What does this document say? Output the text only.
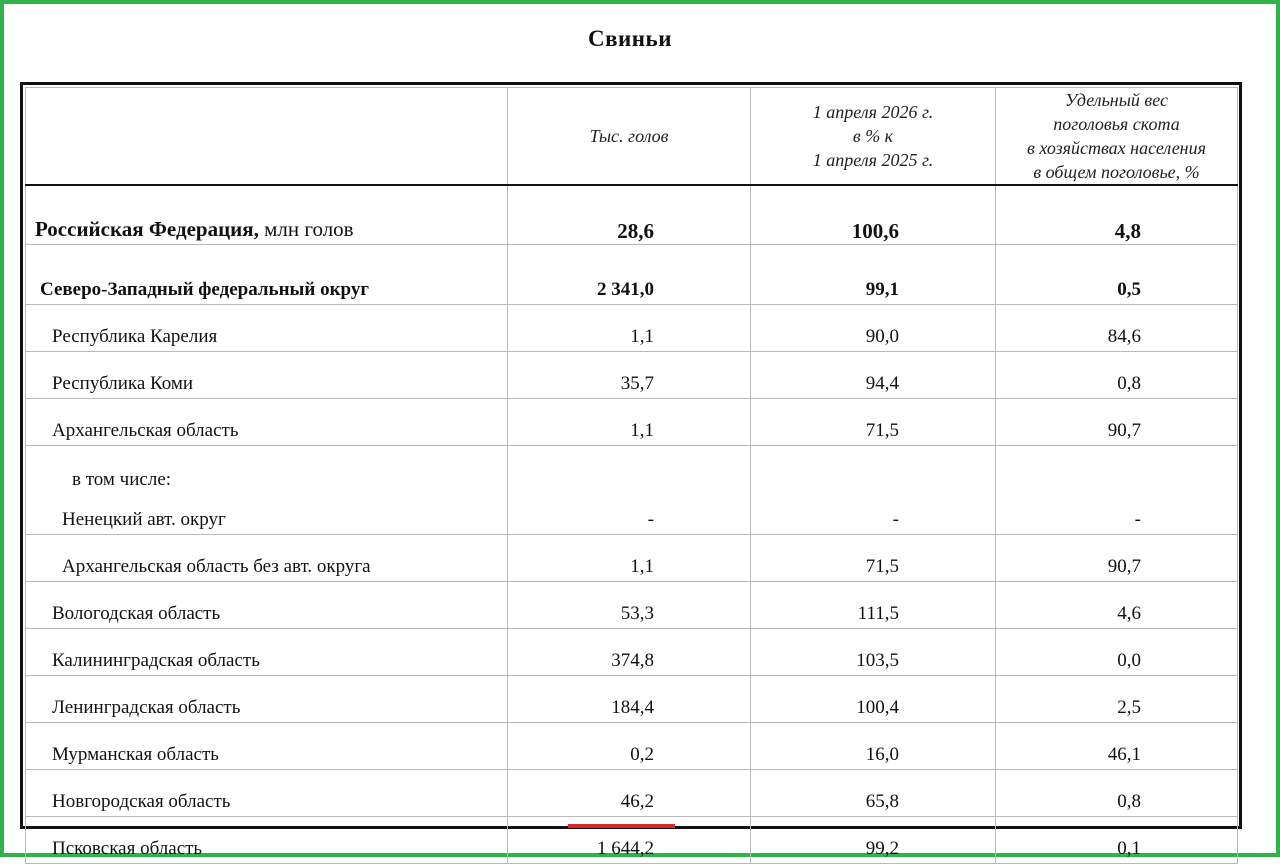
Свиньи
	Тыс. голов	1 апреля 2026 г.
в % к
1 апреля 2025 г.	Удельный вес
поголовья скота
в хозяйствах населения
в общем поголовье, %

Российская Федерация, млн голов	28,6	100,6	4,8
Северо-Западный федеральный округ	2 341,0	99,1	0,5
Республика Карелия	1,1	90,0	84,6
Республика Коми	35,7	94,4	0,8
Архангельская область	1,1	71,5	90,7

в том числе:
Ненецкий авт. округ	-	-	-
Архангельская область без авт. округа	1,1	71,5	90,7
Вологодская область	53,3	111,5	4,6
Калининградская область	374,8	103,5	0,0
Ленинградская область	184,4	100,4	2,5
Мурманская область	0,2	16,0	46,1
Новгородская область	46,2	65,8	0,8
Псковская область	1 644,2	99,2	0,1
